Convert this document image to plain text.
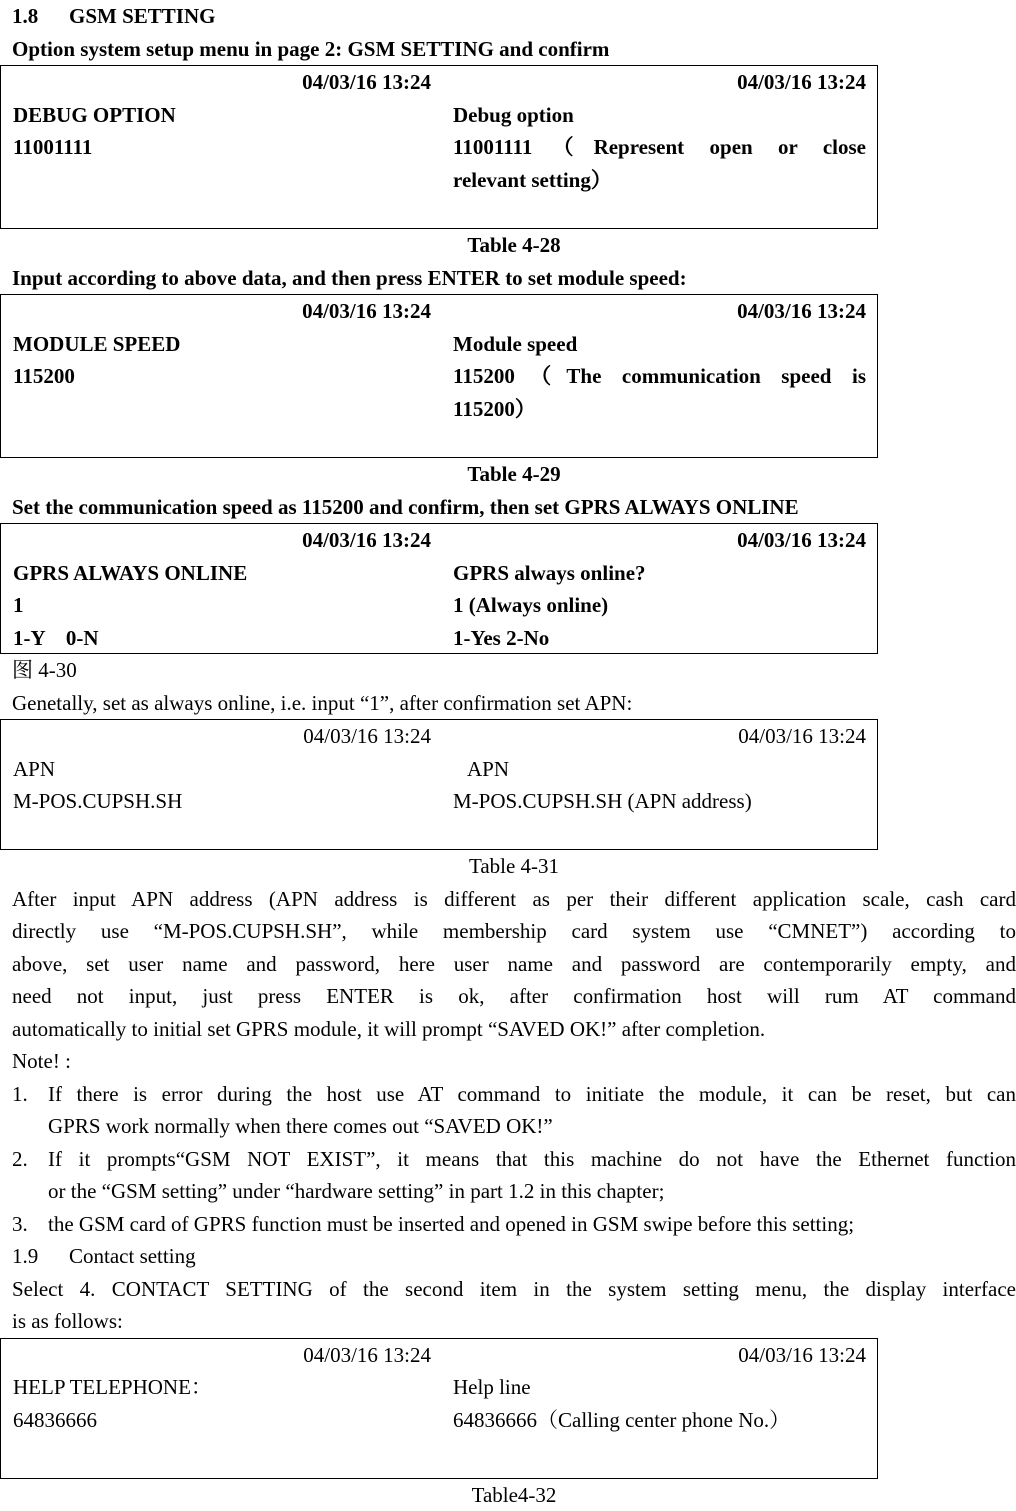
1.8 GSM SETTING
Option system setup menu in page 2: GSM SETTING and confirm
04/03/16 13:24	04/03/16 13:24
DEBUG OPTION	Debug option
11001111	11001111（Represent open or close
relevant setting）
Table 4-28
Input according to above data, and then press ENTER to set module speed:
04/03/16 13:24	04/03/16 13:24
MODULE SPEED	Module speed
115200	115200（The communication speed is
115200）
Table 4-29
Set the communication speed as 115200 and confirm, then set GPRS ALWAYS ONLINE
04/03/16 13:24	04/03/16 13:24
GPRS ALWAYS ONLINE	GPRS always online?
1	1 (Always online)
1-Y　0-N	1-Yes 2-No
图 4-30
Genetally, set as always online, i.e. input “1”, after confirmation set APN:
04/03/16 13:24	04/03/16 13:24
APN	APN
M-POS.CUPSH.SH	M-POS.CUPSH.SH (APN address)
Table 4-31
After input APN address (APN address is different as per their different application scale, cash card
directly use “M-POS.CUPSH.SH”, while membership card system use “CMNET”) according to
above, set user name and password, here user name and password are contemporarily empty, and
need not input, just press ENTER is ok, after confirmation host will rum AT command
automatically to initial set GPRS module, it will prompt “SAVED OK!” after completion.
Note! :
1. If there is error during the host use AT command to initiate the module, it can be reset, but can
GPRS work normally when there comes out “SAVED OK!”
2. If it prompts“GSM NOT EXIST”, it means that this machine do not have the Ethernet function
or the “GSM setting” under “hardware setting” in part 1.2 in this chapter;
3. the GSM card of GPRS function must be inserted and opened in GSM swipe before this setting;
1.9 Contact setting
Select 4. CONTACT SETTING of the second item in the system setting menu, the display interface
is as follows:
04/03/16 13:24	04/03/16 13:24
HELP TELEPHONE：	Help line
64836666	64836666（Calling center phone No.）
Table4-32
